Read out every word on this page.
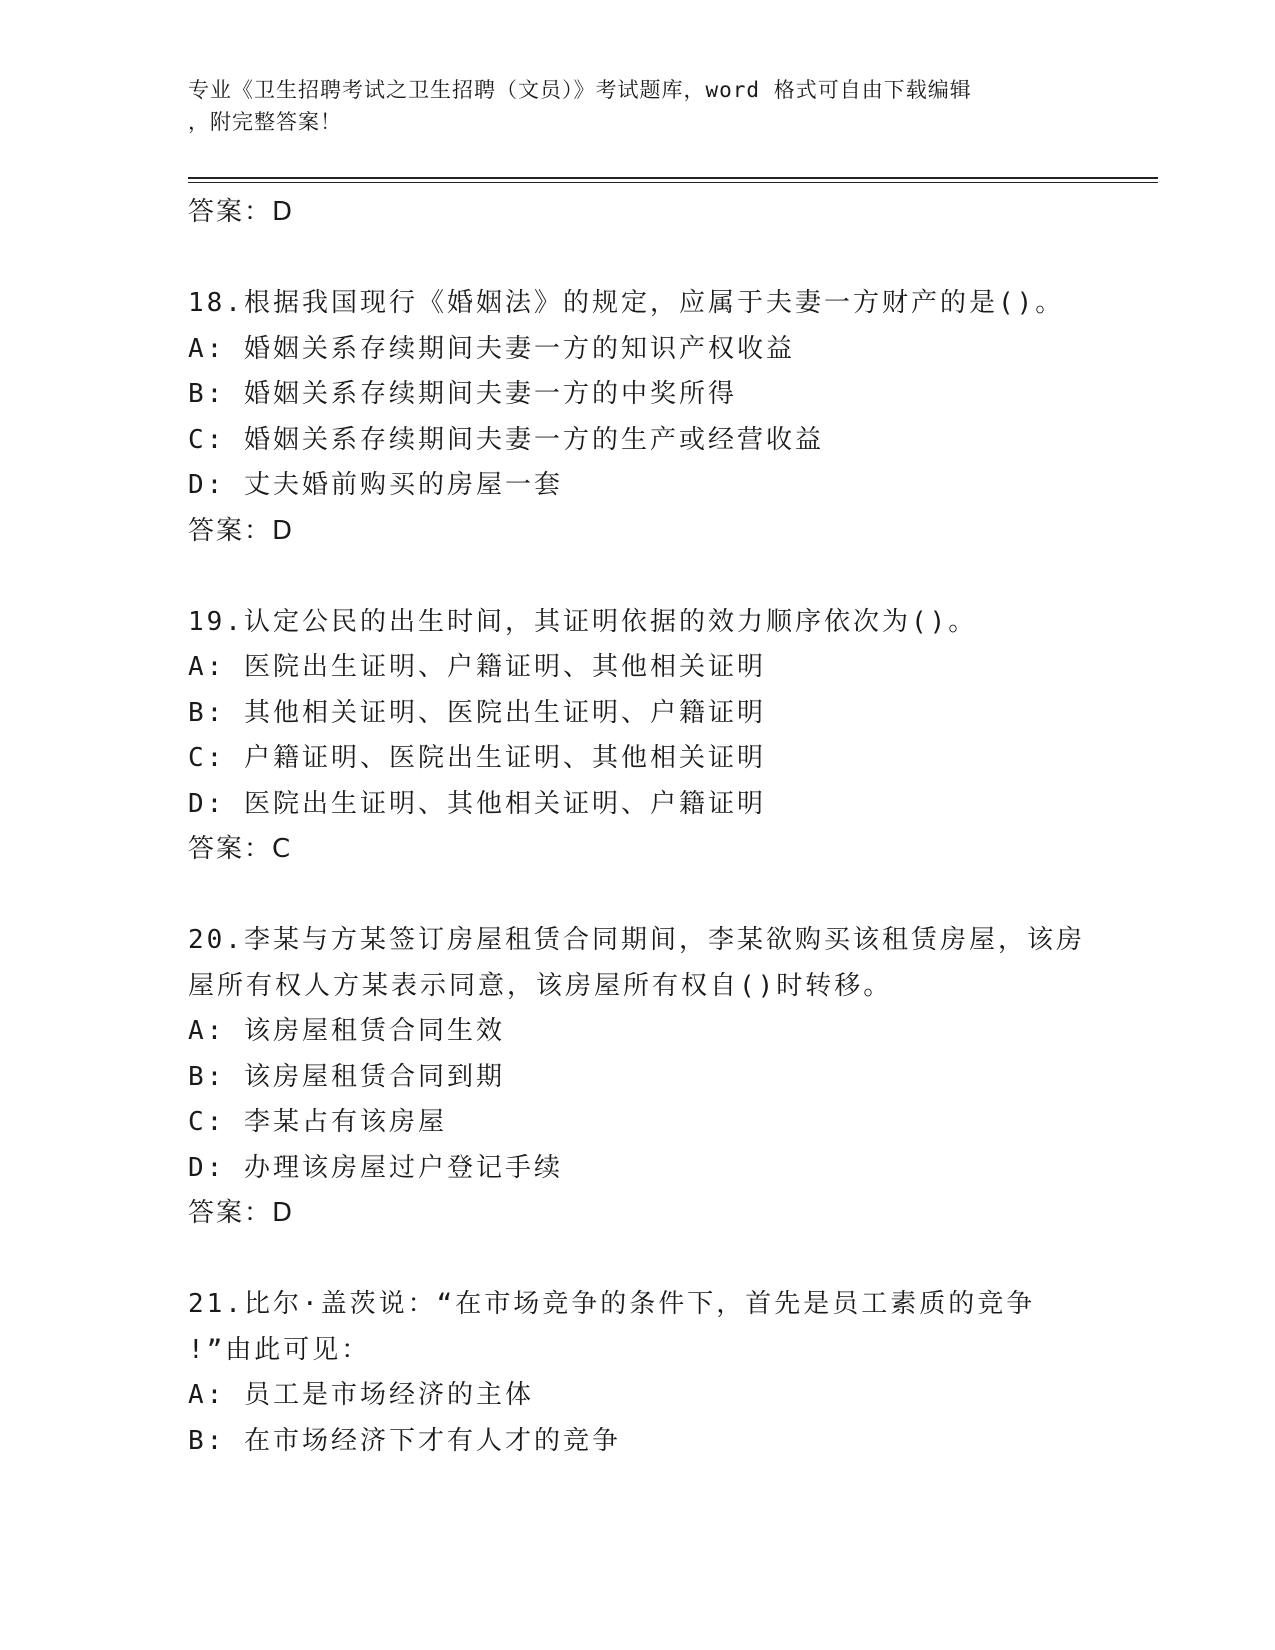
专业《卫生招聘考试之卫生招聘（文员）》考试题库，word 格式可自由下载编辑
，附完整答案！
答案：D
18.根据我国现行《婚姻法》的规定，应属于夫妻一方财产的是()。
A: 婚姻关系存续期间夫妻一方的知识产权收益
B: 婚姻关系存续期间夫妻一方的中奖所得
C: 婚姻关系存续期间夫妻一方的生产或经营收益
D: 丈夫婚前购买的房屋一套
答案：D
19.认定公民的出生时间，其证明依据的效力顺序依次为()。
A: 医院出生证明、户籍证明、其他相关证明
B: 其他相关证明、医院出生证明、户籍证明
C: 户籍证明、医院出生证明、其他相关证明
D: 医院出生证明、其他相关证明、户籍证明
答案：C
20.李某与方某签订房屋租赁合同期间，李某欲购买该租赁房屋，该房
屋所有权人方某表示同意，该房屋所有权自()时转移。
A: 该房屋租赁合同生效
B: 该房屋租赁合同到期
C: 李某占有该房屋
D: 办理该房屋过户登记手续
答案：D
21.比尔·盖茨说：“在市场竞争的条件下，首先是员工素质的竞争
!”由此可见：
A: 员工是市场经济的主体
B: 在市场经济下才有人才的竞争
